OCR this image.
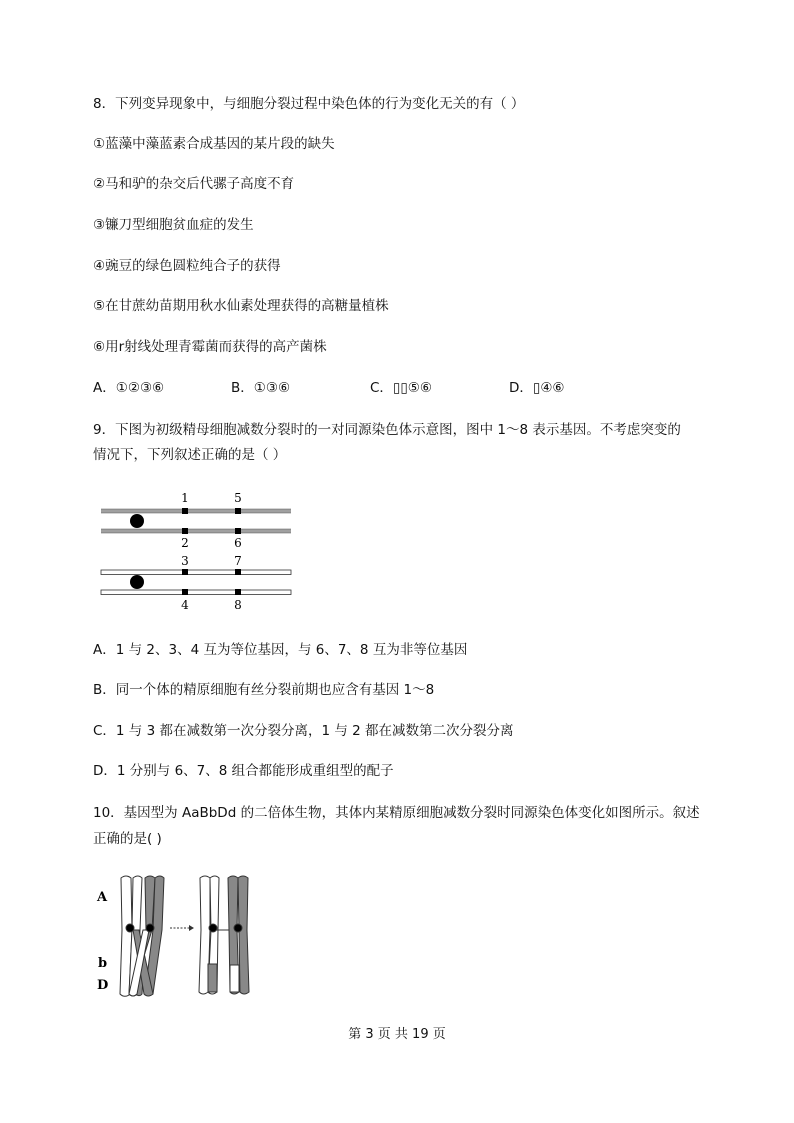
8．下列变异现象中，与细胞分裂过程中染色体的行为变化无关的有（ ）
①蓝藻中藻蓝素合成基因的某片段的缺失
②马和驴的杂交后代骡子高度不育
③镰刀型细胞贫血症的发生
④豌豆的绿色圆粒纯合子的获得
⑤在甘蔗幼苗期用秋水仙素处理获得的高糖量植株
⑥用r射线处理青霉菌而获得的高产菌株
A．①②③⑥	B．①③⑥	C．▯▯⑤⑥	D．▯④⑥
9．下图为初级精母细胞减数分裂时的一对同源染色体示意图，图中 1～8 表示基因。不考虑突变的
情况下，下列叙述正确的是（ ）
1	5
2	6
3	7
4	8
A．1 与 2、3、4 互为等位基因，与 6、7、8 互为非等位基因
B．同一个体的精原细胞有丝分裂前期也应含有基因 1～8
C．1 与 3 都在减数第一次分裂分离，1 与 2 都在减数第二次分裂分离
D．1 分别与 6、7、8 组合都能形成重组型的配子
10．基因型为 AaBbDd 的二倍体生物，其体内某精原细胞减数分裂时同源染色体变化如图所示。叙述
正确的是( )
A
b
D
第 3 页 共 19 页
